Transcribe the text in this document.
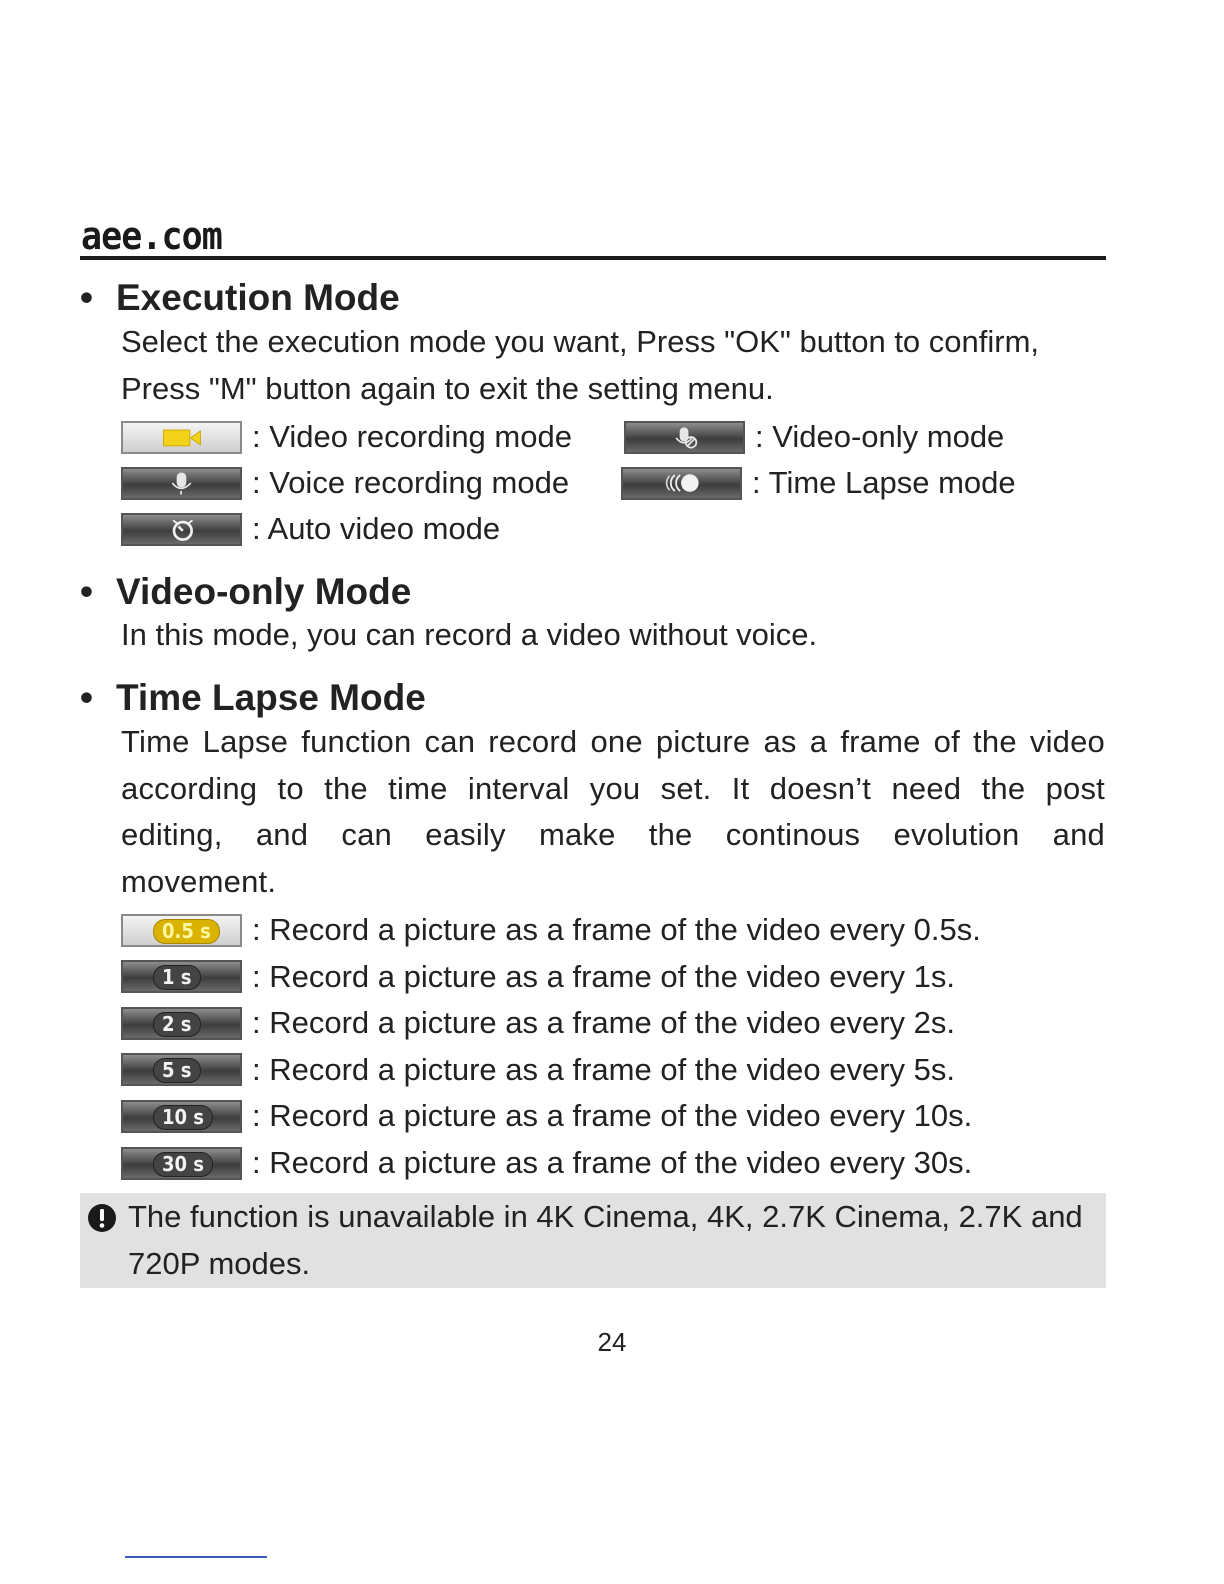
aee.com
• Execution Mode
Select the execution mode you want, Press "OK" button to confirm, Press "M" button again to exit the setting menu.
: Video recording mode	: Video-only mode
: Voice recording mode	: Time Lapse mode
: Auto video mode
• Video-only Mode
In this mode, you can record a video without voice.
• Time Lapse Mode
Time Lapse function can record one picture as a frame of the video according to the time interval you set. It doesn’t need the post editing, and can easily make the continous evolution and movement.
0.5 s : Record a picture as a frame of the video every 0.5s.
1 s : Record a picture as a frame of the video every 1s.
2 s : Record a picture as a frame of the video every 2s.
5 s : Record a picture as a frame of the video every 5s.
10 s : Record a picture as a frame of the video every 10s.
30 s : Record a picture as a frame of the video every 30s.
The function is unavailable in 4K Cinema, 4K, 2.7K Cinema, 2.7K and 720P modes.
24
